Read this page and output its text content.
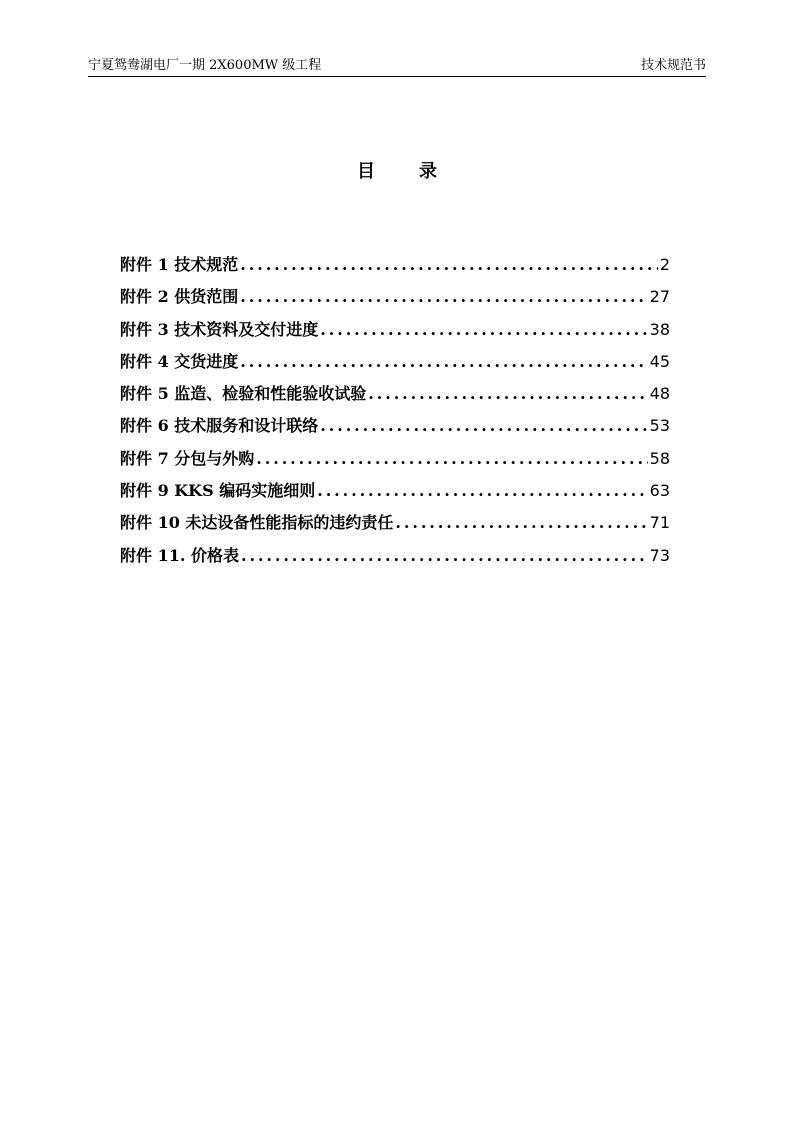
宁夏鸳鸯湖电厂一期 2X600MW 级工程	技术规范书
目 录
附件 1 技术规范 .....	2
附件 2 供货范围 .....	27
附件 3 技术资料及交付进度 .....	38
附件 4 交货进度 .....	45
附件 5 监造、检验和性能验收试验 .....	48
附件 6 技术服务和设计联络 .....	53
附件 7 分包与外购 .....	58
附件 9 KKS 编码实施细则 .....	63
附件 10 未达设备性能指标的违约责任 .....	71
附件 11. 价格表 .....	73
